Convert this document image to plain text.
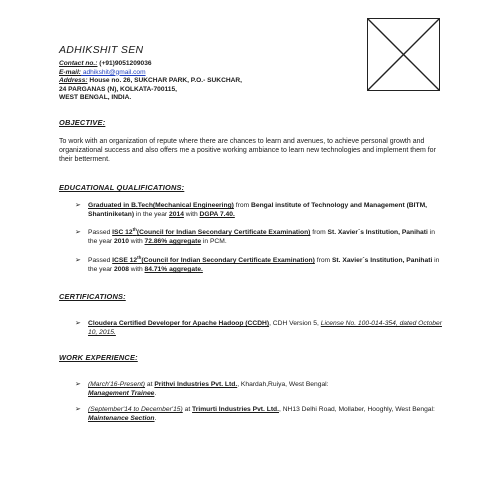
ADHIKSHIT SEN
Contact no.: (+91)9051209036
E-mail: adhikshit@gmail.com
Address: House no. 26, SUKCHAR PARK, P.O.- SUKCHAR,
24 PARGANAS (N), KOLKATA-700115,
WEST BENGAL, INDIA.
OBJECTIVE:
To work with an organization of repute where there are chances to learn and avenues, to achieve personal growth and organizational success and also offers me a positive working ambiance to learn new technologies and implement them for their betterment.
EDUCATIONAL QUALIFICATIONS:
➢ Graduated in B.Tech(Mechanical Engineering) from Bengal institute of Technology and Management (BITM, Shantiniketan) in the year 2014 with DGPA 7.40.
➢ Passed ISC 12th(Council for Indian Secondary Certificate Examination) from St. Xavier`s Institution, Panihati in the year 2010 with 72.86% aggregate in PCM.
➢ Passed ICSE 12th(Council for Indian Secondary Certificate Examination) from St. Xavier`s Institution, Panihati in the year 2008 with 84.71% aggregate.
CERTIFICATIONS:
➢ Cloudera Certified Developer for Apache Hadoop (CCDH), CDH Version 5, License No. 100-014-354, dated October 10, 2015.
WORK EXPERIENCE:
➢ (March'16-Present) at Prithvi Industries Pvt. Ltd., Khardah,Ruiya, West Bengal:
Management Trainee.
➢ (September'14 to December'15) at Trimurti Industries Pvt. Ltd., NH13 Delhi Road, Mollaber, Hooghly, West Bengal: Maintenance Section.
